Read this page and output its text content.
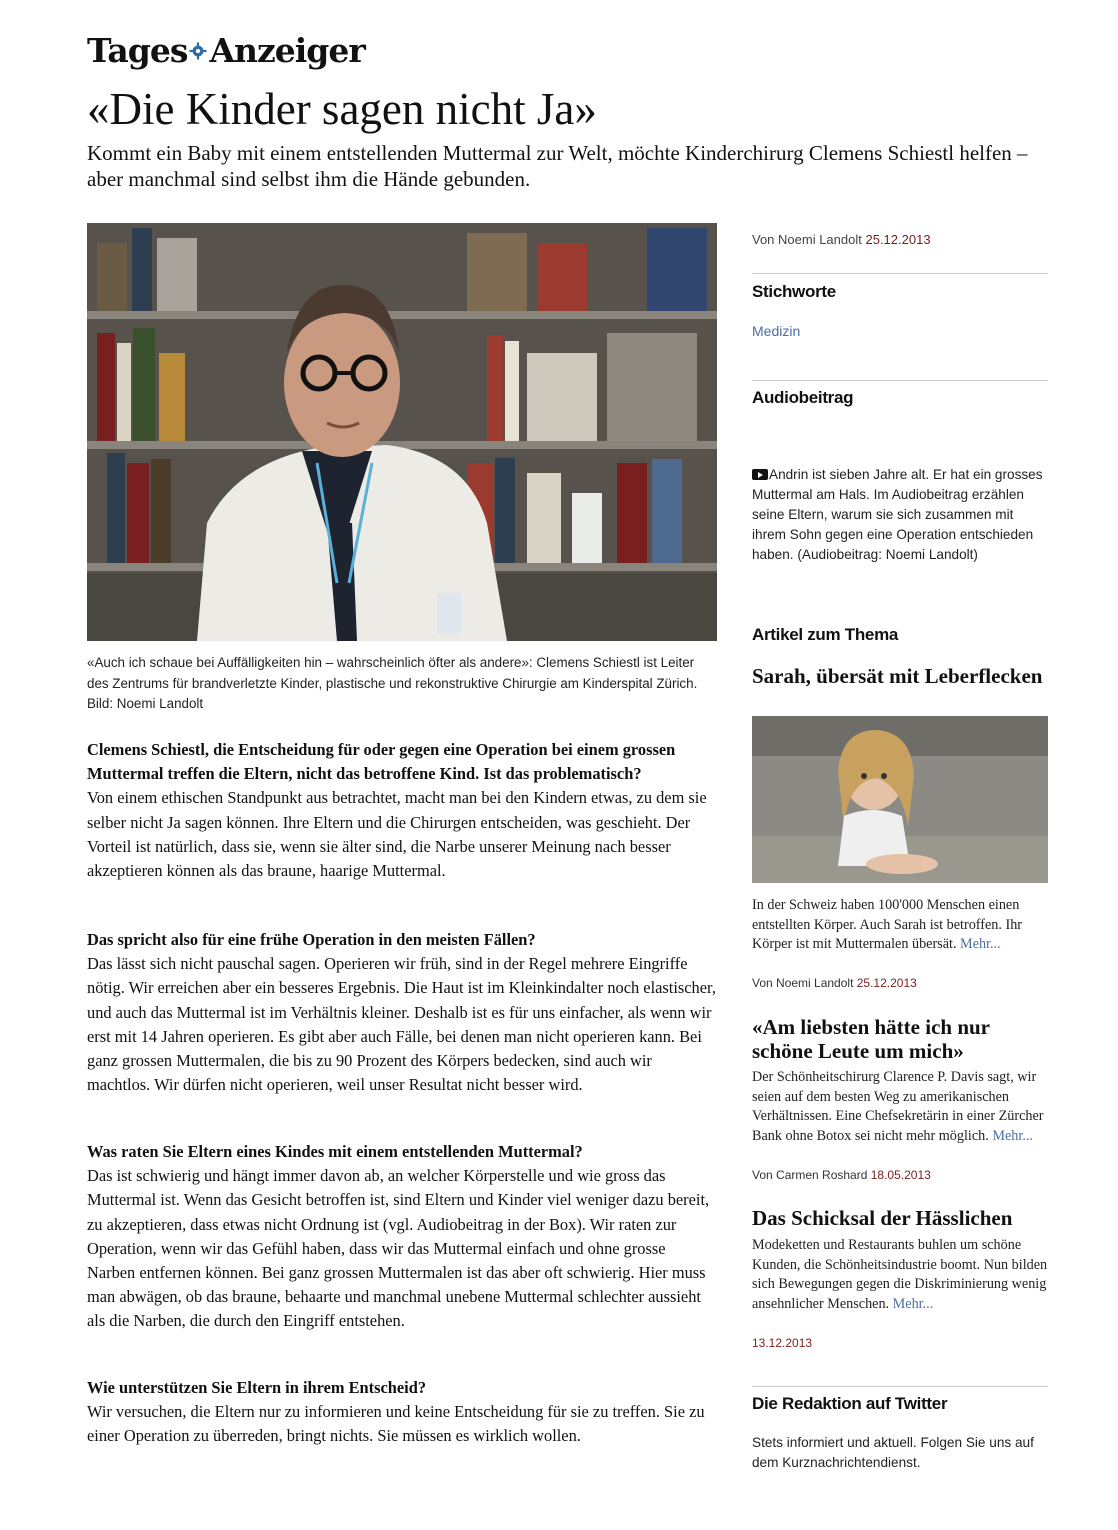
Tages Anzeiger
«Die Kinder sagen nicht Ja»

Kommt ein Baby mit einem entstellenden Muttermal zur Welt, möchte Kinderchirurg Clemens Schiestl helfen – aber manchmal sind selbst ihm die Hände gebunden.

«Auch ich schaue bei Auffälligkeiten hin – wahrscheinlich öfter als andere»: Clemens Schiestl ist Leiter des Zentrums für brandverletzte Kinder, plastische und rekonstruktive Chirurgie am Kinderspital Zürich. Bild: Noemi Landolt

Clemens Schiestl, die Entscheidung für oder gegen eine Operation bei einem grossen Muttermal treffen die Eltern, nicht das betroffene Kind. Ist das problematisch?
Von einem ethischen Standpunkt aus betrachtet, macht man bei den Kindern etwas, zu dem sie selber nicht Ja sagen können. Ihre Eltern und die Chirurgen entscheiden, was geschieht. Der Vorteil ist natürlich, dass sie, wenn sie älter sind, die Narbe unserer Meinung nach besser akzeptieren können als das braune, haarige Muttermal.

Das spricht also für eine frühe Operation in den meisten Fällen?
Das lässt sich nicht pauschal sagen. Operieren wir früh, sind in der Regel mehrere Eingriffe nötig. Wir erreichen aber ein besseres Ergebnis. Die Haut ist im Kleinkindalter noch elastischer, und auch das Muttermal ist im Verhältnis kleiner. Deshalb ist es für uns einfacher, als wenn wir erst mit 14 Jahren operieren. Es gibt aber auch Fälle, bei denen man nicht operieren kann. Bei ganz grossen Muttermalen, die bis zu 90 Prozent des Körpers bedecken, sind auch wir machtlos. Wir dürfen nicht operieren, weil unser Resultat nicht besser wird.

Was raten Sie Eltern eines Kindes mit einem entstellenden Muttermal?
Das ist schwierig und hängt immer davon ab, an welcher Körperstelle und wie gross das Muttermal ist. Wenn das Gesicht betroffen ist, sind Eltern und Kinder viel weniger dazu bereit, zu akzeptieren, dass etwas nicht Ordnung ist (vgl. Audiobeitrag in der Box). Wir raten zur Operation, wenn wir das Gefühl haben, dass wir das Muttermal einfach und ohne grosse Narben entfernen können. Bei ganz grossen Muttermalen ist das aber oft schwierig. Hier muss man abwägen, ob das braune, behaarte und manchmal unebene Muttermal schlechter aussieht als die Narben, die durch den Eingriff entstehen.

Wie unterstützen Sie Eltern in ihrem Entscheid?
Wir versuchen, die Eltern nur zu informieren und keine Entscheidung für sie zu treffen. Sie zu einer Operation zu überreden, bringt nichts. Sie müssen es wirklich wollen.

Von Noemi Landolt 25.12.2013
Stichworte
Medizin
Audiobeitrag
Andrin ist sieben Jahre alt. Er hat ein grosses Muttermal am Hals. Im Audiobeitrag erzählen seine Eltern, warum sie sich zusammen mit ihrem Sohn gegen eine Operation entschieden haben. (Audiobeitrag: Noemi Landolt)
Artikel zum Thema
Sarah, übersät mit Leberflecken
In der Schweiz haben 100'000 Menschen einen entstellten Körper. Auch Sarah ist betroffen. Ihr Körper ist mit Muttermalen übersät. Mehr...
Von Noemi Landolt 25.12.2013
«Am liebsten hätte ich nur schöne Leute um mich»
Der Schönheitschirurg Clarence P. Davis sagt, wir seien auf dem besten Weg zu amerikanischen Verhältnissen. Eine Chefsekretärin in einer Zürcher Bank ohne Botox sei nicht mehr möglich. Mehr...
Von Carmen Roshard 18.05.2013
Das Schicksal der Hässlichen
Modeketten und Restaurants buhlen um schöne Kunden, die Schönheitsindustrie boomt. Nun bilden sich Bewegungen gegen die Diskriminierung wenig ansehnlicher Menschen. Mehr...
13.12.2013
Die Redaktion auf Twitter
Stets informiert und aktuell. Folgen Sie uns auf dem Kurznachrichtendienst.
